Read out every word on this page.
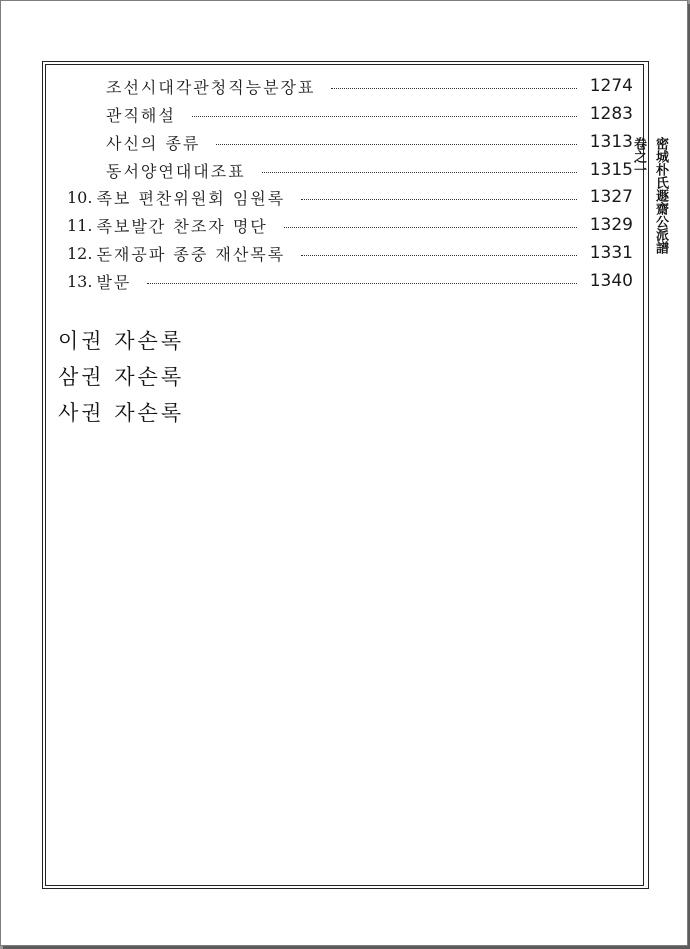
조선시대각관청직능분장표	1274
관직해설	1283
사신의 종류	1313
동서양연대대조표	1315
10. 족보 편찬위원회 임원록	1327
11. 족보발간 찬조자 명단	1329
12. 돈재공파 종중 재산목록	1331
13. 발문	1340
이권 자손록
삼권 자손록
사권 자손록
密城朴氏遯齋公派譜
卷之一
